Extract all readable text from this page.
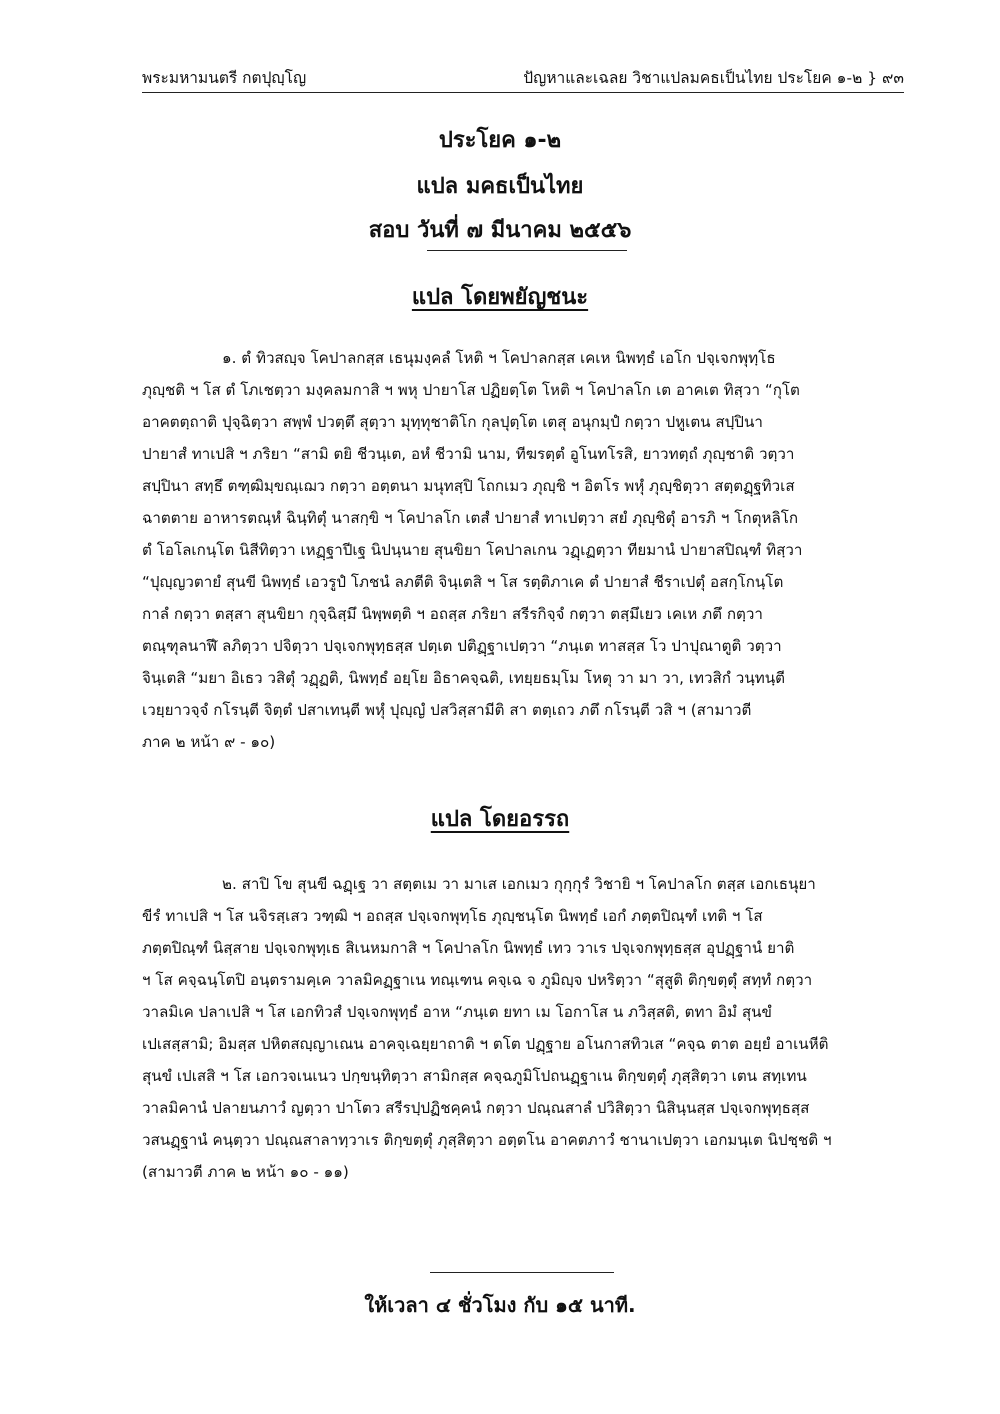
พระมหามนตรี กตปุญฺโญ	ปัญหาและเฉลย วิชาแปลมคธเป็นไทย ประโยค ๑-๒ } ๙๓
ประโยค ๑-๒
แปล มคธเป็นไทย
สอบ วันที่ ๗ มีนาคม ๒๕๕๖
แปล โดยพยัญชนะ
๑. ตํ ทิวสญฺจ โคปาลกสฺส เธนุมงฺคลํ โหติ ฯ โคปาลกสฺส เคเห นิพทฺธํ เอโก ปจฺเจกพุทฺโธ
ภุญฺชติ ฯ โส ตํ โภเชตฺวา มงฺคลมกาสิ ฯ พหุ ปายาโส ปฏิยตฺโต โหติ ฯ โคปาลโก เต อาคเต ทิสฺวา “กุโต
อาคตตฺถาติ ปุจฺฉิตฺวา สพฺพํ ปวตฺตึ สุตฺวา มุทฺทุชาติโก กุลปุตฺโต เตสุ อนุกมฺปํ กตฺวา ปหูเตน สปฺปินา
ปายาสํ ทาเปสิ ฯ ภริยา “สามิ ตยิ ชีวนฺเต, อหํ ชีวามิ นาม, ทีฆรตฺตํ อูโนทโรสิ, ยาวทตฺถํ ภุญฺชาติ วตฺวา
สปฺปินา สทฺธึ ตฑฺฒิมฺขณฺเฌว กตฺวา อตฺตนา มนุทสฺปิ โถกเมว ภุญฺชิ ฯ อิตโร พหุํ ภุญฺชิตฺวา สตฺตฏฺฐทิวเส
ฉาตตาย อาหารตณฺหํ ฉินฺทิตุํ นาสกฺขิ ฯ โคปาลโก เตสํ ปายาสํ ทาเปตฺวา สยํ ภุญฺชิตุํ อารภิ ฯ โกตุหลิโก
ตํ โอโลเกนฺโต นิสีทิตฺวา เหฏฺฐาปีเฐ นิปนฺนาย สุนขิยา โคปาลเกน วฏฺเฏตฺวา ทียมานํ ปายาสปิณฺฑํ ทิสฺวา
“ปุญฺญวตายํ สุนขี นิพทฺธํ เอวรูปํ โภชนํ ลภตีติ จินฺเตสิ ฯ โส รตฺติภาเค ตํ ปายาสํ ชีราเปตุํ อสกฺโกนฺโต
กาลํ กตฺวา ตสฺสา สุนขิยา กุจฺฉิสฺมึ นิพฺพตฺติ ฯ อถสฺส ภริยา สรีรกิจฺจํ กตฺวา ตสฺมึเยว เคเห ภตึ กตฺวา
ตณฺฑุลนาฬึ ลภิตฺวา ปจิตฺวา ปจฺเจกพุทฺธสฺส ปตฺเต ปติฏฺฐาเปตฺวา “ภนฺเต ทาสสฺส โว ปาปุณาตูติ วตฺวา
จินฺเตสิ “มยา อิเธว วสิตุํ วฏฺฏติ, นิพทฺธํ อยฺโย อิธาคจฺฉติ, เทยฺยธมฺโม โหตุ วา มา วา, เทวสิกํ วนฺทนฺตี
เวยฺยาวจฺจํ กโรนฺตี จิตฺตํ ปสาเทนฺตี พหุํ ปุญฺญํ ปสวิสฺสามีติ สา ตตฺเถว ภตึ กโรนฺตี วสิ ฯ (สามาวตี
ภาค ๒ หน้า ๙ - ๑๐)
แปล โดยอรรถ
๒. สาปิ โข สุนขี ฉฏฺเฐ วา สตฺตเม วา มาเส เอกเมว กุกฺกุรํ วิชายิ ฯ โคปาลโก ตสฺส เอกเธนุยา
ขีรํ ทาเปสิ ฯ โส นจิรสฺเสว วฑฺฒิ ฯ อถสฺส ปจฺเจกพุทฺโธ ภุญฺชนฺโต นิพทฺธํ เอกํ ภตฺตปิณฺฑํ เทติ ฯ โส
ภตฺตปิณฺฑํ นิสฺสาย ปจฺเจกพุทฺเธ สิเนหมกาสิ ฯ โคปาลโก นิพทฺธํ เทว วาเร ปจฺเจกพุทฺธสฺส อุปฏฺฐานํ ยาติ
ฯ โส คจฺฉนฺโตปิ อนฺตรามคฺเค วาลมิคฏฺฐาเน ทณฺเฑน คจฺเฉ จ ภูมิญฺจ ปหริตฺวา “สุสูติ ติกฺขตฺตุํ สทฺทํ กตฺวา
วาลมิเค ปลาเปสิ ฯ โส เอกทิวสํ ปจฺเจกพุทฺธํ อาห “ภนฺเต ยทา เม โอกาโส น ภวิสฺสติ, ตทา อิมํ สุนขํ
เปเสสฺสามิ; อิมสฺส ปหิตสญฺญาเณน อาคจฺเฉยฺยาถาติ ฯ ตโต ปฏฺฐาย อโนกาสทิวเส “คจฺฉ ตาต อยฺยํ อาเนหีติ
สุนขํ เปเสสิ ฯ โส เอกวจเนเนว ปกฺขนฺทิตฺวา สามิกสฺส คจฺฉภูมิโปถนฏฺฐาเน ติกฺขตฺตุํ ภุสฺสิตฺวา เตน สทฺเทน
วาลมิคานํ ปลายนภาวํ ญตฺวา ปาโตว สรีรปฺปฏิชคฺคนํ กตฺวา ปณฺณสาลํ ปวิสิตฺวา นิสินฺนสฺส ปจฺเจกพุทฺธสฺส
วสนฏฺฐานํ คนฺตฺวา ปณฺณสาลาทฺวาเร ติกฺขตฺตุํ ภุสฺสิตฺวา อตฺตโน อาคตภาวํ ชานาเปตฺวา เอกมนฺเต นิปชฺชติ ฯ
(สามาวตี ภาค ๒ หน้า ๑๐ - ๑๑)
ให้เวลา ๔ ชั่วโมง กับ ๑๕ นาที.
